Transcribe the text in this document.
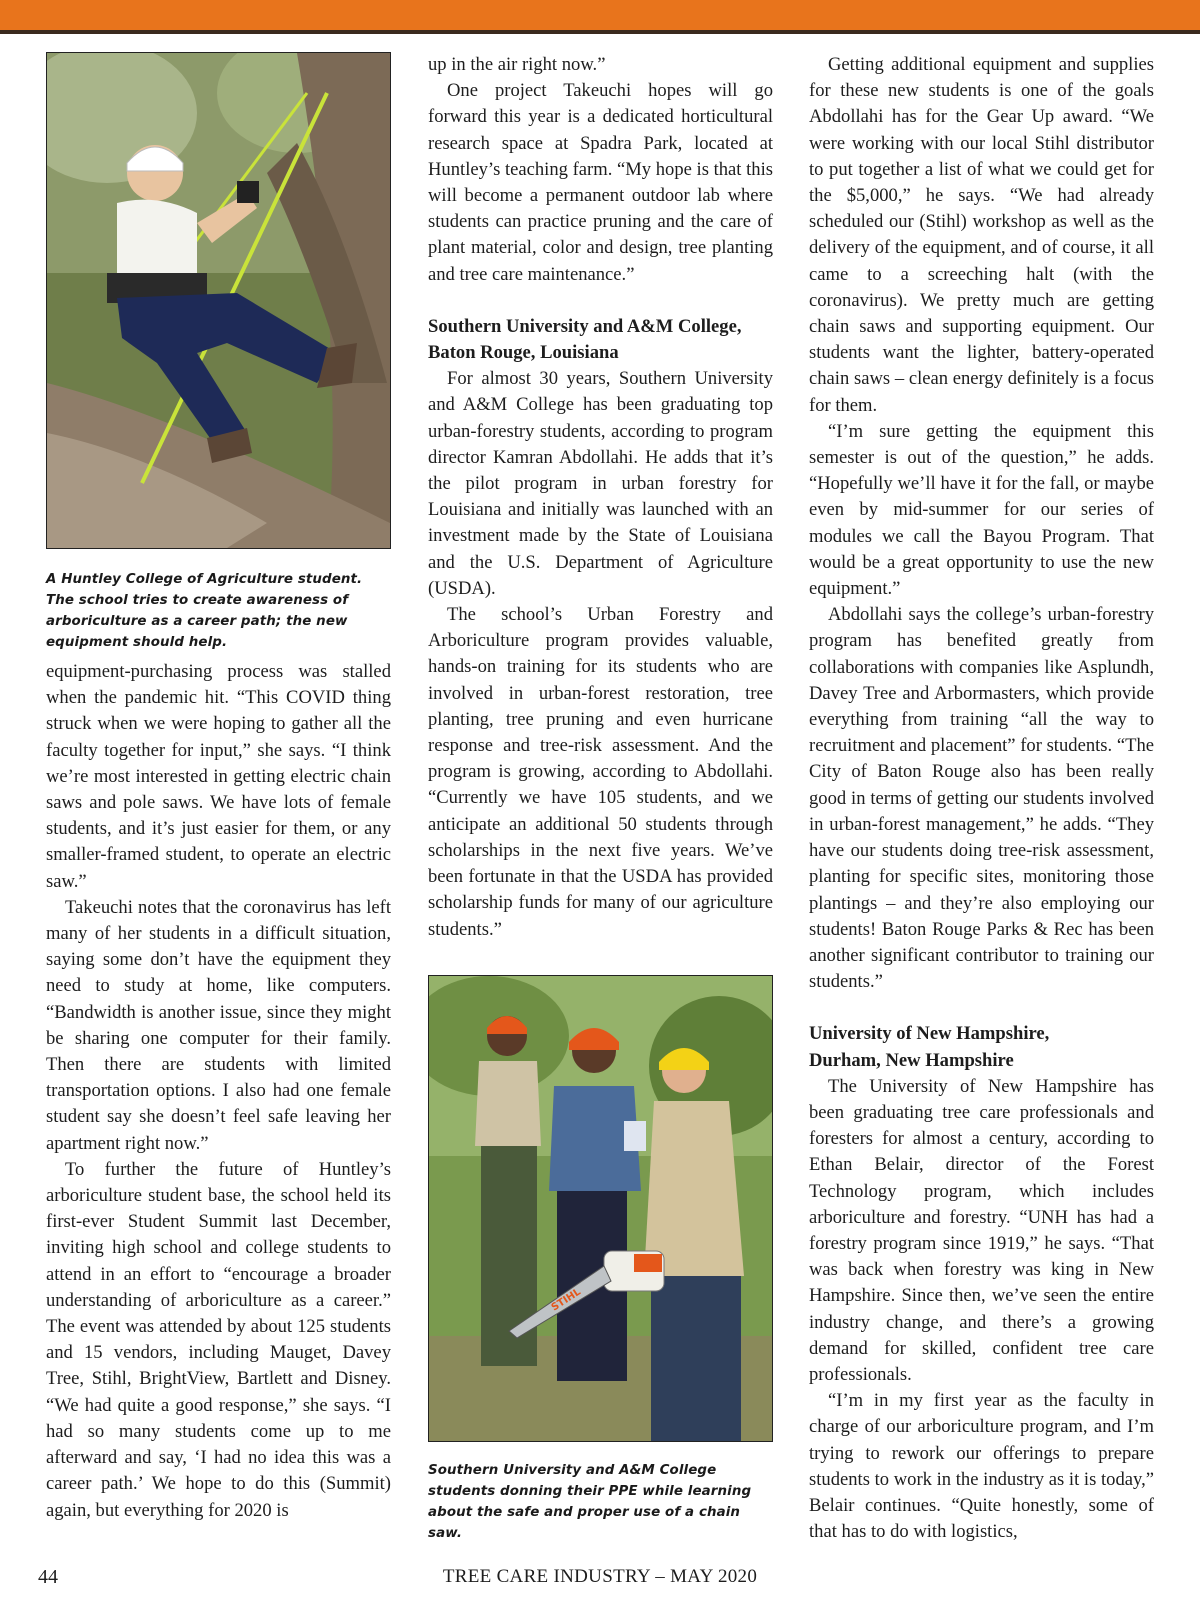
A Huntley College of Agriculture student. The school tries to create awareness of arboriculture as a career path; the new equipment should help.

equipment-purchasing process was stalled when the pandemic hit. “This COVID thing struck when we were hoping to gather all the faculty together for input,” she says. “I think we’re most interested in getting electric chain saws and pole saws. We have lots of female students, and it’s just easier for them, or any smaller-framed student, to operate an electric saw.”

Takeuchi notes that the coronavirus has left many of her students in a difficult situation, saying some don’t have the equipment they need to study at home, like computers. “Bandwidth is another issue, since they might be sharing one computer for their family. Then there are students with limited transportation options. I also had one female student say she doesn’t feel safe leaving her apartment right now.”

To further the future of Huntley’s arboriculture student base, the school held its first-ever Student Summit last December, inviting high school and college students to attend in an effort to “encourage a broader understanding of arboriculture as a career.” The event was attended by about 125 students and 15 vendors, including Mauget, Davey Tree, Stihl, BrightView, Bartlett and Disney. “We had quite a good response,” she says. “I had so many students come up to me afterward and say, ‘I had no idea this was a career path.’ We hope to do this (Summit) again, but everything for 2020 is

up in the air right now.”

One project Takeuchi hopes will go forward this year is a dedicated horticultural research space at Spadra Park, located at Huntley’s teaching farm. “My hope is that this will become a permanent outdoor lab where students can practice pruning and the care of plant material, color and design, tree planting and tree care maintenance.”

Southern University and A&M College,
Baton Rouge, Louisiana

For almost 30 years, Southern University and A&M College has been graduating top urban-forestry students, according to program director Kamran Abdollahi. He adds that it’s the pilot program in urban forestry for Louisiana and initially was launched with an investment made by the State of Louisiana and the U.S. Department of Agriculture (USDA).

The school’s Urban Forestry and Arboriculture program provides valuable, hands-on training for its students who are involved in urban-forest restoration, tree planting, tree pruning and even hurricane response and tree-risk assessment. And the program is growing, according to Abdollahi. “Currently we have 105 students, and we anticipate an additional 50 students through scholarships in the next five years. We’ve been fortunate in that the USDA has provided scholarship funds for many of our agriculture students.”

STIHL
Southern University and A&M College students donning their PPE while learning about the safe and proper use of a chain saw.

Getting additional equipment and supplies for these new students is one of the goals Abdollahi has for the Gear Up award. “We were working with our local Stihl distributor to put together a list of what we could get for the $5,000,” he says. “We had already scheduled our (Stihl) workshop as well as the delivery of the equipment, and of course, it all came to a screeching halt (with the coronavirus). We pretty much are getting chain saws and supporting equipment. Our students want the lighter, battery-operated chain saws – clean energy definitely is a focus for them.

“I’m sure getting the equipment this semester is out of the question,” he adds. “Hopefully we’ll have it for the fall, or maybe even by mid-summer for our series of modules we call the Bayou Program. That would be a great opportunity to use the new equipment.”

Abdollahi says the college’s urban-forestry program has benefited greatly from collaborations with companies like Asplundh, Davey Tree and Arbormasters, which provide everything from training “all the way to recruitment and placement” for students. “The City of Baton Rouge also has been really good in terms of getting our students involved in urban-forest management,” he adds. “They have our students doing tree-risk assessment, planting for specific sites, monitoring those plantings – and they’re also employing our students! Baton Rouge Parks & Rec has been another significant contributor to training our students.”

University of New Hampshire,
Durham, New Hampshire

The University of New Hampshire has been graduating tree care professionals and foresters for almost a century, according to Ethan Belair, director of the Forest Technology program, which includes arboriculture and forestry. “UNH has had a forestry program since 1919,” he says. “That was back when forestry was king in New Hampshire. Since then, we’ve seen the entire industry change, and there’s a growing demand for skilled, confident tree care professionals.

“I’m in my first year as the faculty in charge of our arboriculture program, and I’m trying to rework our offerings to prepare students to work in the industry as it is today,” Belair continues. “Quite honestly, some of that has to do with logistics,

TREE CARE INDUSTRY – MAY 2020
44
